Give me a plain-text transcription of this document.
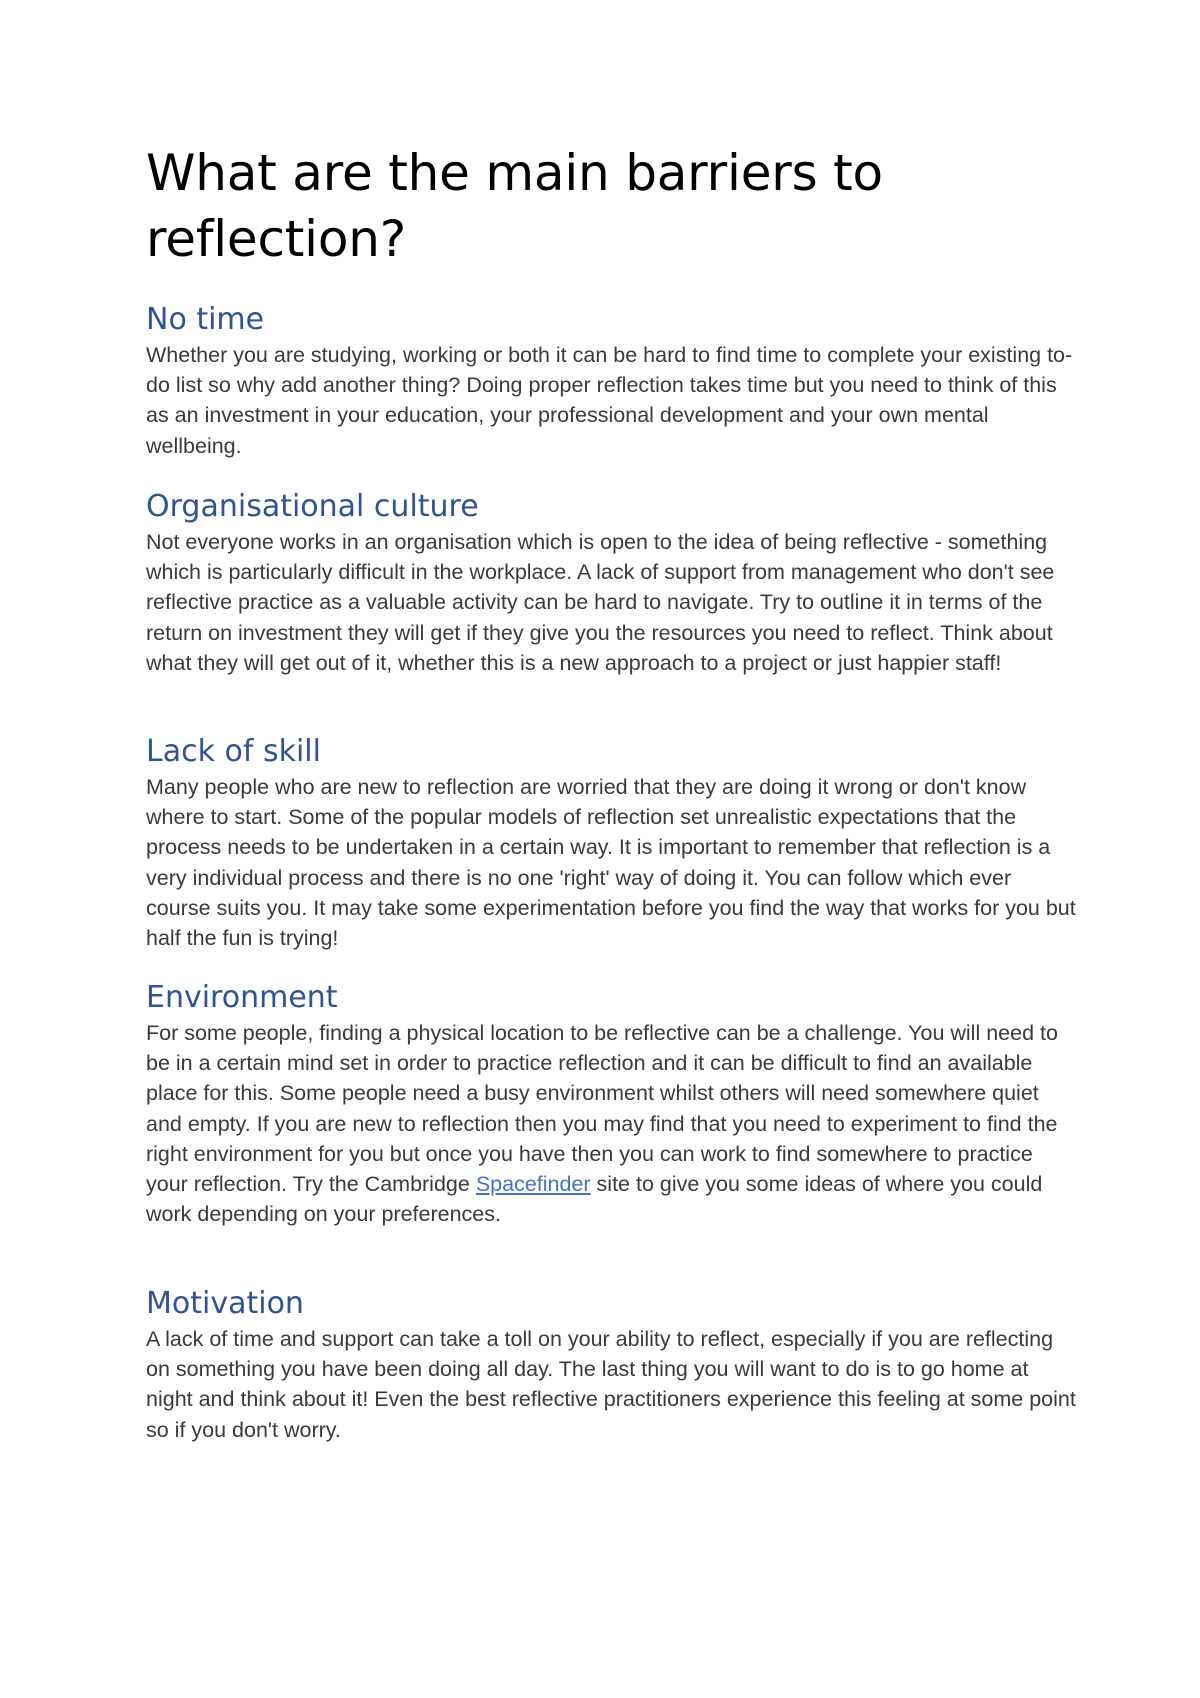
What are the main barriers to reflection?
No time

Whether you are studying, working or both it can be hard to find time to complete your existing to-do list so why add another thing? Doing proper reflection takes time but you need to think of this as an investment in your education, your professional development and your own mental wellbeing.

Organisational culture

Not everyone works in an organisation which is open to the idea of being reflective - something which is particularly difficult in the workplace. A lack of support from management who don't see reflective practice as a valuable activity can be hard to navigate. Try to outline it in terms of the return on investment they will get if they give you the resources you need to reflect. Think about what they will get out of it, whether this is a new approach to a project or just happier staff!

Lack of skill

Many people who are new to reflection are worried that they are doing it wrong or don't know where to start. Some of the popular models of reflection set unrealistic expectations that the process needs to be undertaken in a certain way. It is important to remember that reflection is a very individual process and there is no one 'right' way of doing it. You can follow which ever course suits you. It may take some experimentation before you find the way that works for you but half the fun is trying!

Environment

For some people, finding a physical location to be reflective can be a challenge. You will need to be in a certain mind set in order to practice reflection and it can be difficult to find an available place for this. Some people need a busy environment whilst others will need somewhere quiet and empty. If you are new to reflection then you may find that you need to experiment to find the right environment for you but once you have then you can work to find somewhere to practice your reflection. Try the Cambridge Spacefinder site to give you some ideas of where you could work depending on your preferences.

Motivation

A lack of time and support can take a toll on your ability to reflect, especially if you are reflecting on something you have been doing all day. The last thing you will want to do is to go home at night and think about it! Even the best reflective practitioners experience this feeling at some point so if you don't worry.
